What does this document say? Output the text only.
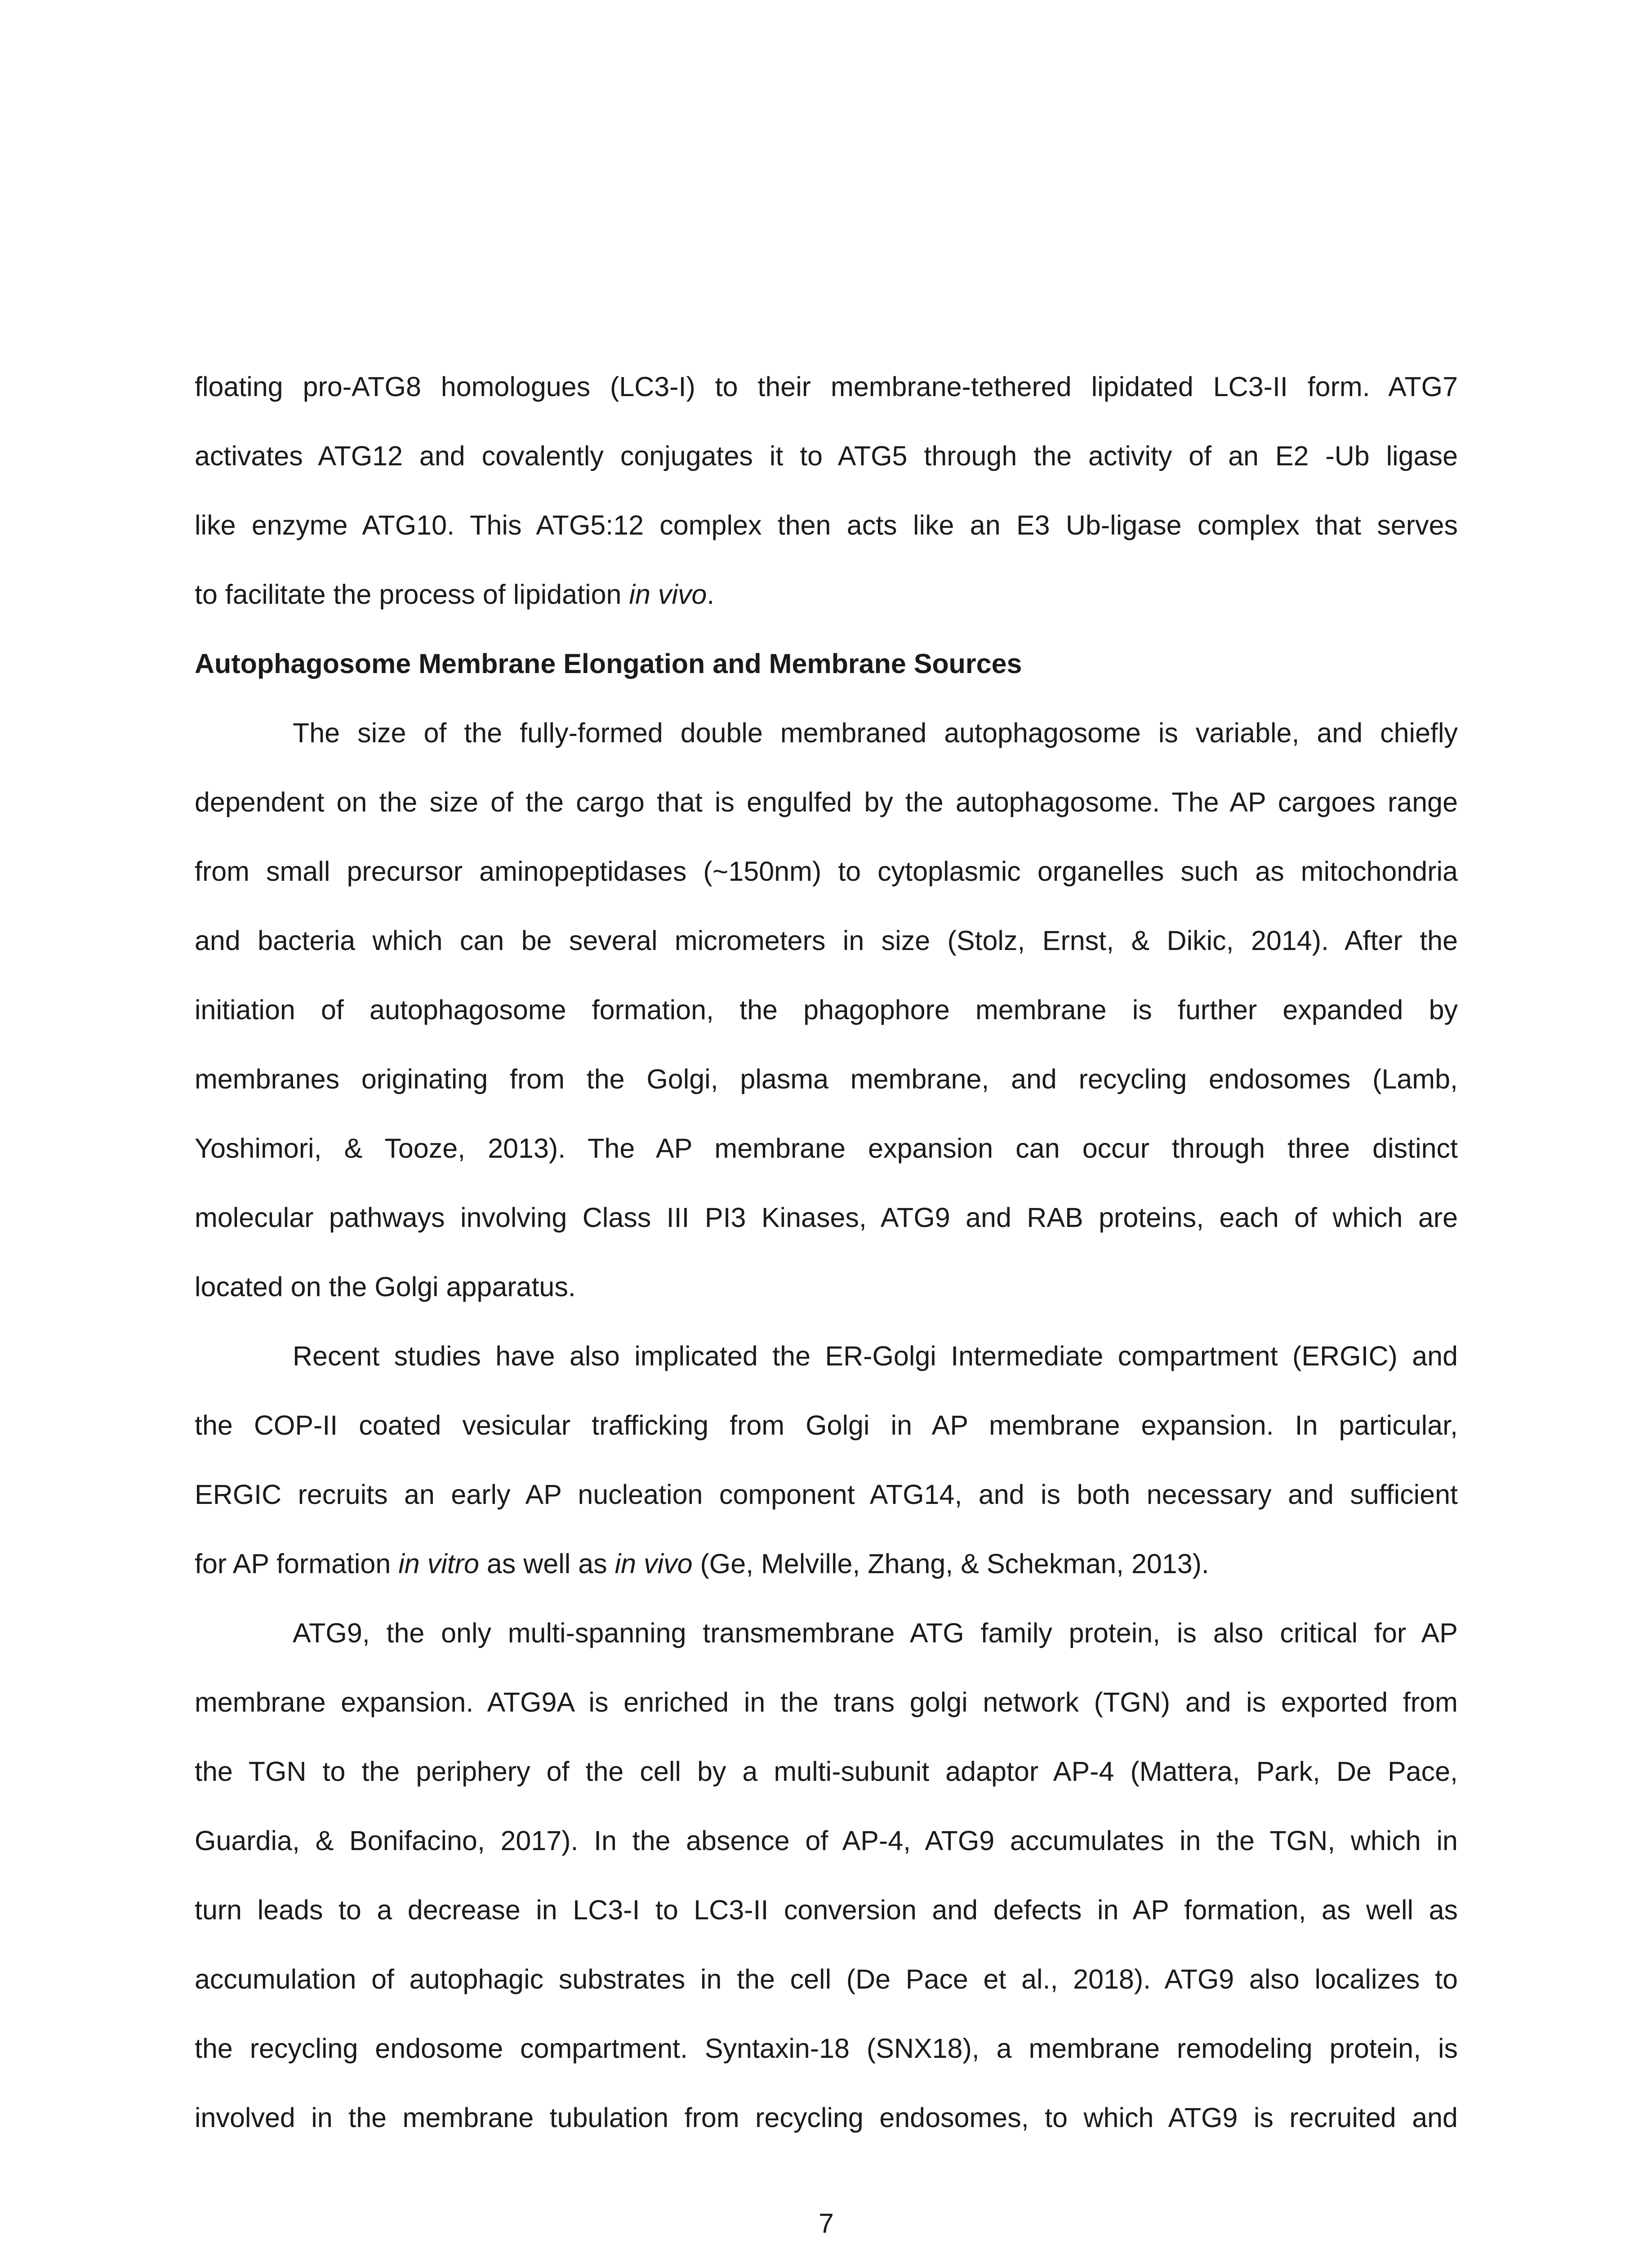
floating pro-ATG8 homologues (LC3-I) to their membrane-tethered lipidated LC3-II form. ATG7
activates ATG12 and covalently conjugates it to ATG5 through the activity of an E2 -Ub ligase
like enzyme ATG10. This ATG5:12 complex then acts like an E3 Ub-ligase complex that serves
to facilitate the process of lipidation in vivo.
Autophagosome Membrane Elongation and Membrane Sources
The size of the fully-formed double membraned autophagosome is variable, and chiefly
dependent on the size of the cargo that is engulfed by the autophagosome. The AP cargoes range
from small precursor aminopeptidases (~150nm) to cytoplasmic organelles such as mitochondria
and bacteria which can be several micrometers in size (Stolz, Ernst, & Dikic, 2014). After the
initiation of autophagosome formation, the phagophore membrane is further expanded by
membranes originating from the Golgi, plasma membrane, and recycling endosomes (Lamb,
Yoshimori, & Tooze, 2013). The AP membrane expansion can occur through three distinct
molecular pathways involving Class III PI3 Kinases, ATG9 and RAB proteins, each of which are
located on the Golgi apparatus.
Recent studies have also implicated the ER-Golgi Intermediate compartment (ERGIC) and
the COP-II coated vesicular trafficking from Golgi in AP membrane expansion. In particular,
ERGIC recruits an early AP nucleation component ATG14, and is both necessary and sufficient
for AP formation in vitro as well as in vivo (Ge, Melville, Zhang, & Schekman, 2013).
ATG9, the only multi-spanning transmembrane ATG family protein, is also critical for AP
membrane expansion. ATG9A is enriched in the trans golgi network (TGN) and is exported from
the TGN to the periphery of the cell by a multi-subunit adaptor AP-4 (Mattera, Park, De Pace,
Guardia, & Bonifacino, 2017). In the absence of AP-4, ATG9 accumulates in the TGN, which in
turn leads to a decrease in LC3-I to LC3-II conversion and defects in AP formation, as well as
accumulation of autophagic substrates in the cell (De Pace et al., 2018). ATG9 also localizes to
the recycling endosome compartment. Syntaxin-18 (SNX18), a membrane remodeling protein, is
involved in the membrane tubulation from recycling endosomes, to which ATG9 is recruited and
7
